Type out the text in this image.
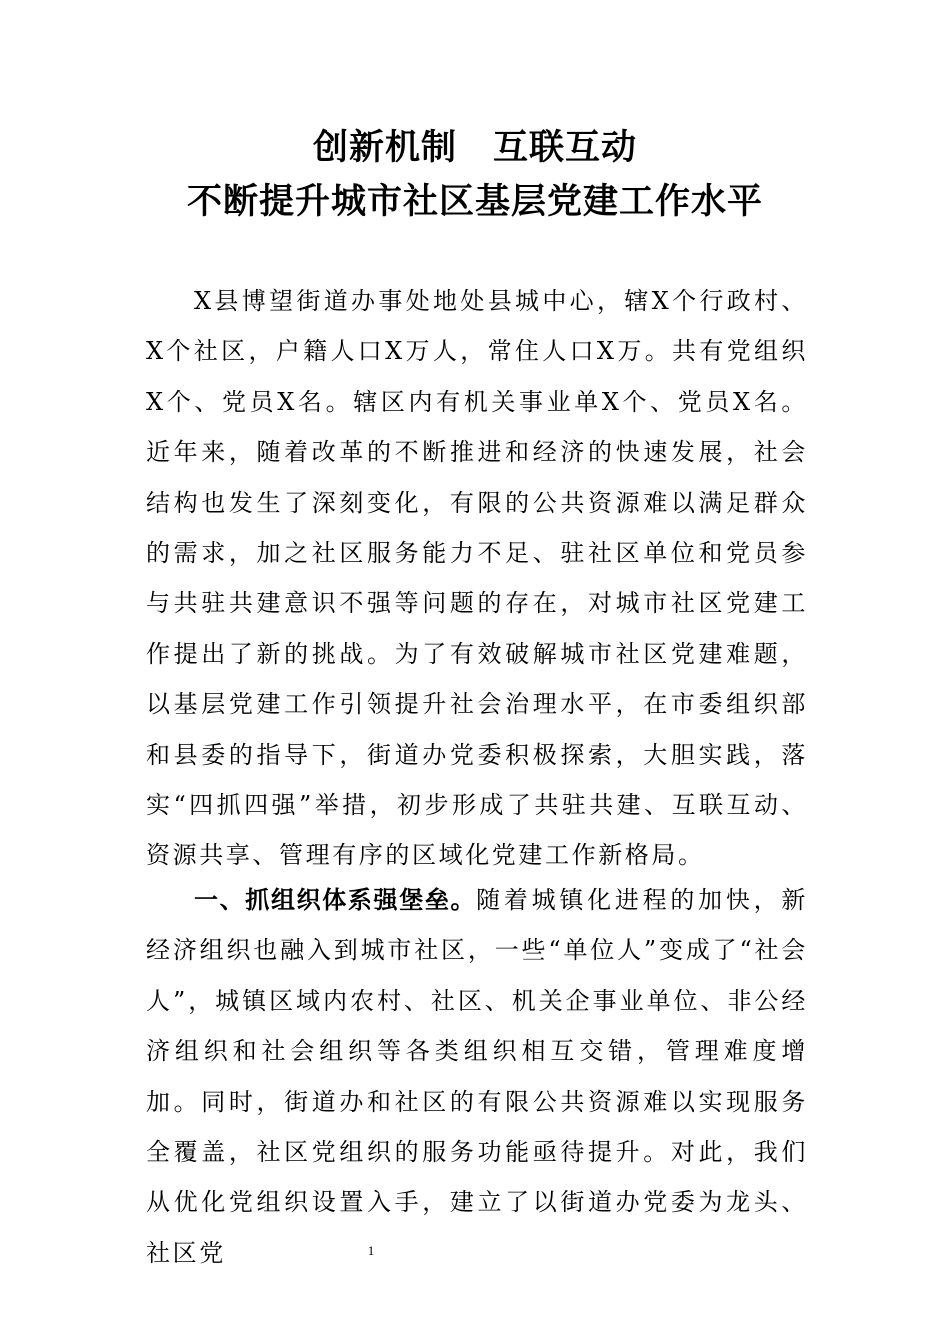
创新机制　互联互动
不断提升城市社区基层党建工作水平

X县博望街道办事处地处县城中心，辖X个行政村、X个社区，户籍人口X万人，常住人口X万。共有党组织X个、党员X名。辖区内有机关事业单X个、党员X名。近年来，随着改革的不断推进和经济的快速发展，社会结构也发生了深刻变化，有限的公共资源难以满足群众的需求，加之社区服务能力不足、驻社区单位和党员参与共驻共建意识不强等问题的存在，对城市社区党建工作提出了新的挑战。为了有效破解城市社区党建难题，以基层党建工作引领提升社会治理水平，在市委组织部和县委的指导下，街道办党委积极探索，大胆实践，落实“四抓四强”举措，初步形成了共驻共建、互联互动、资源共享、管理有序的区域化党建工作新格局。

一、抓组织体系强堡垒。随着城镇化进程的加快，新经济组织也融入到城市社区，一些“单位人”变成了“社会人”，城镇区域内农村、社区、机关企事业单位、非公经济组织和社会组织等各类组织相互交错，管理难度增加。同时，街道办和社区的有限公共资源难以实现服务全覆盖，社区党组织的服务功能亟待提升。对此，我们从优化党组织设置入手，建立了以街道办党委为龙头、社区党	1
